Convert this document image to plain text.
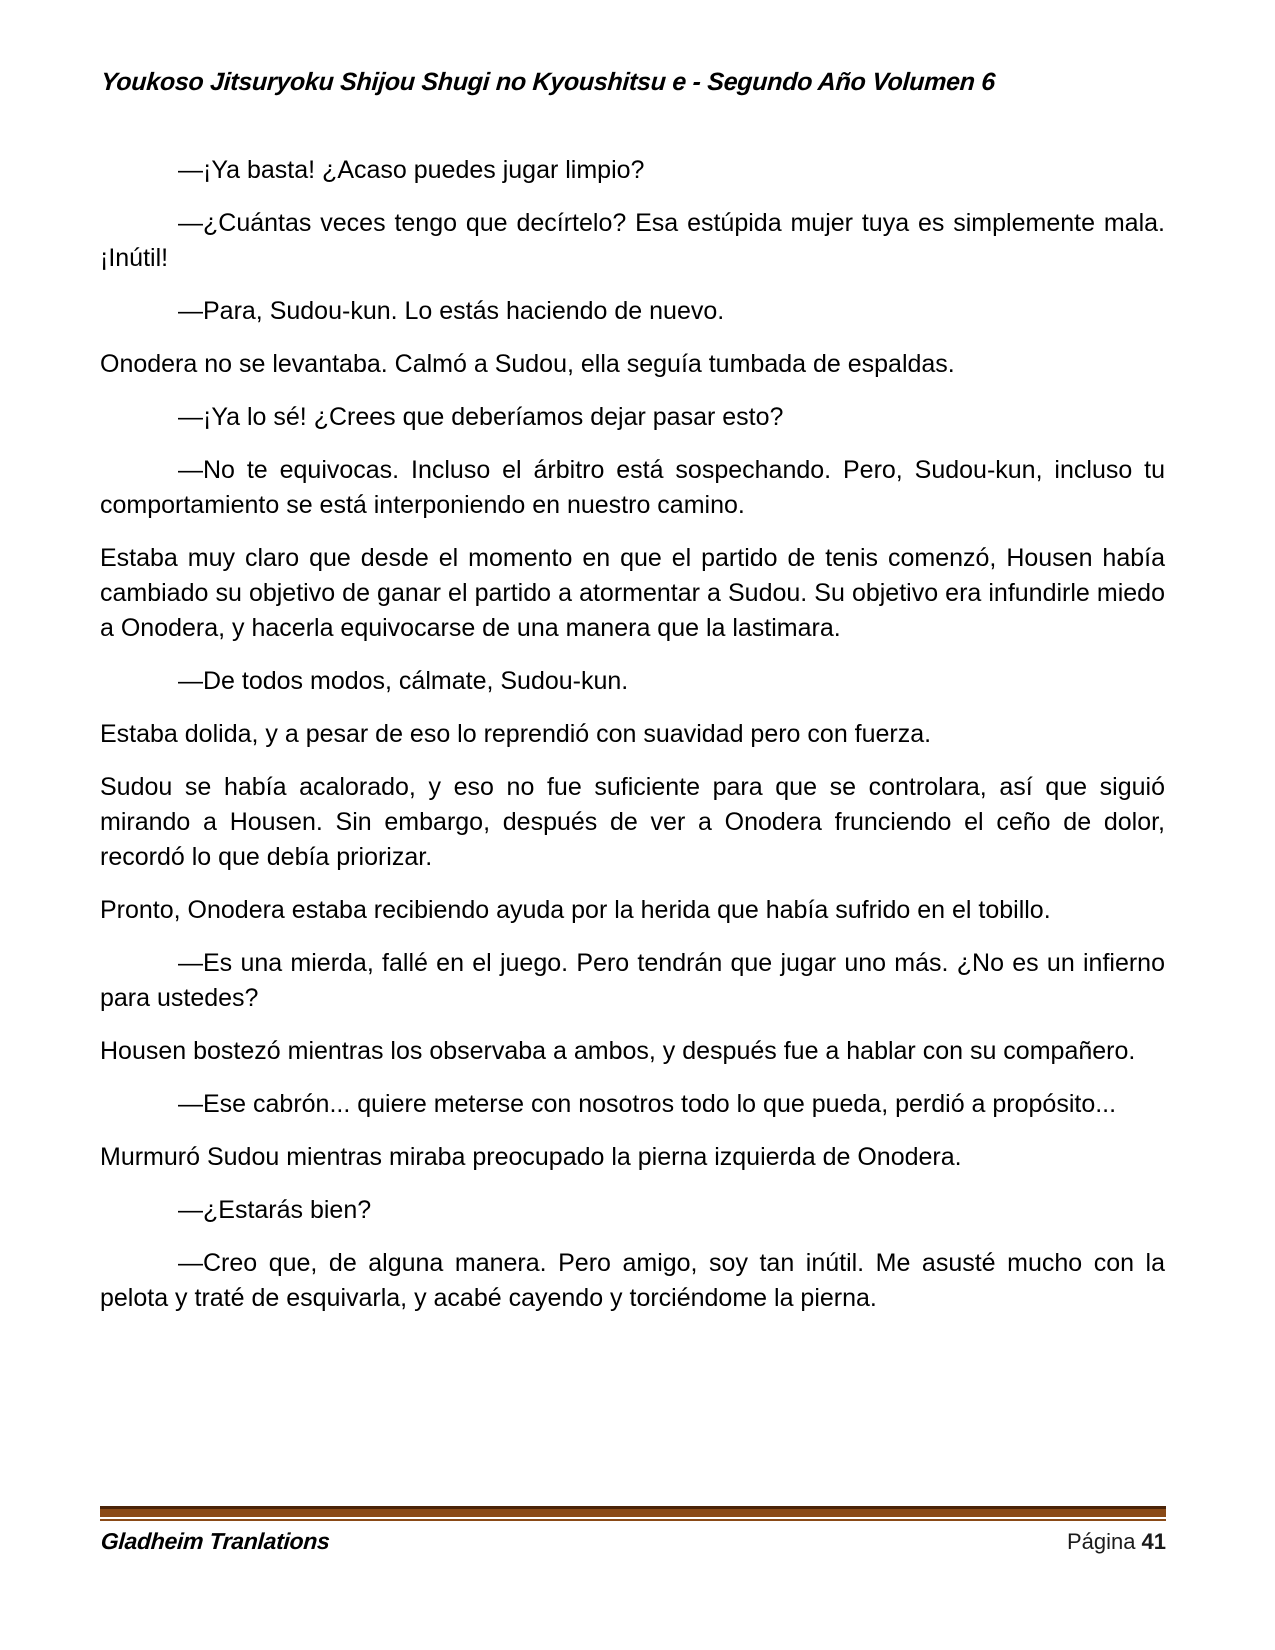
Youkoso Jitsuryoku Shijou Shugi no Kyoushitsu e - Segundo Año Volumen 6

—¡Ya basta! ¿Acaso puedes jugar limpio?

—¿Cuántas veces tengo que decírtelo? Esa estúpida mujer tuya es simplemente mala. ¡Inútil!

—Para, Sudou-kun. Lo estás haciendo de nuevo.

Onodera no se levantaba. Calmó a Sudou, ella seguía tumbada de espaldas.

—¡Ya lo sé! ¿Crees que deberíamos dejar pasar esto?

—No te equivocas. Incluso el árbitro está sospechando. Pero, Sudou-kun, incluso tu comportamiento se está interponiendo en nuestro camino.

Estaba muy claro que desde el momento en que el partido de tenis comenzó, Housen había cambiado su objetivo de ganar el partido a atormentar a Sudou. Su objetivo era infundirle miedo a Onodera, y hacerla equivocarse de una manera que la lastimara.

—De todos modos, cálmate, Sudou-kun.

Estaba dolida, y a pesar de eso lo reprendió con suavidad pero con fuerza.

Sudou se había acalorado, y eso no fue suficiente para que se controlara, así que siguió mirando a Housen. Sin embargo, después de ver a Onodera frunciendo el ceño de dolor, recordó lo que debía priorizar.

Pronto, Onodera estaba recibiendo ayuda por la herida que había sufrido en el tobillo.

—Es una mierda, fallé en el juego. Pero tendrán que jugar uno más. ¿No es un infierno para ustedes?

Housen bostezó mientras los observaba a ambos, y después fue a hablar con su compañero.

—Ese cabrón... quiere meterse con nosotros todo lo que pueda, perdió a propósito...

Murmuró Sudou mientras miraba preocupado la pierna izquierda de Onodera.

—¿Estarás bien?

—Creo que, de alguna manera. Pero amigo, soy tan inútil. Me asusté mucho con la pelota y traté de esquivarla, y acabé cayendo y torciéndome la pierna.

Gladheim Tranlations	Página 41
